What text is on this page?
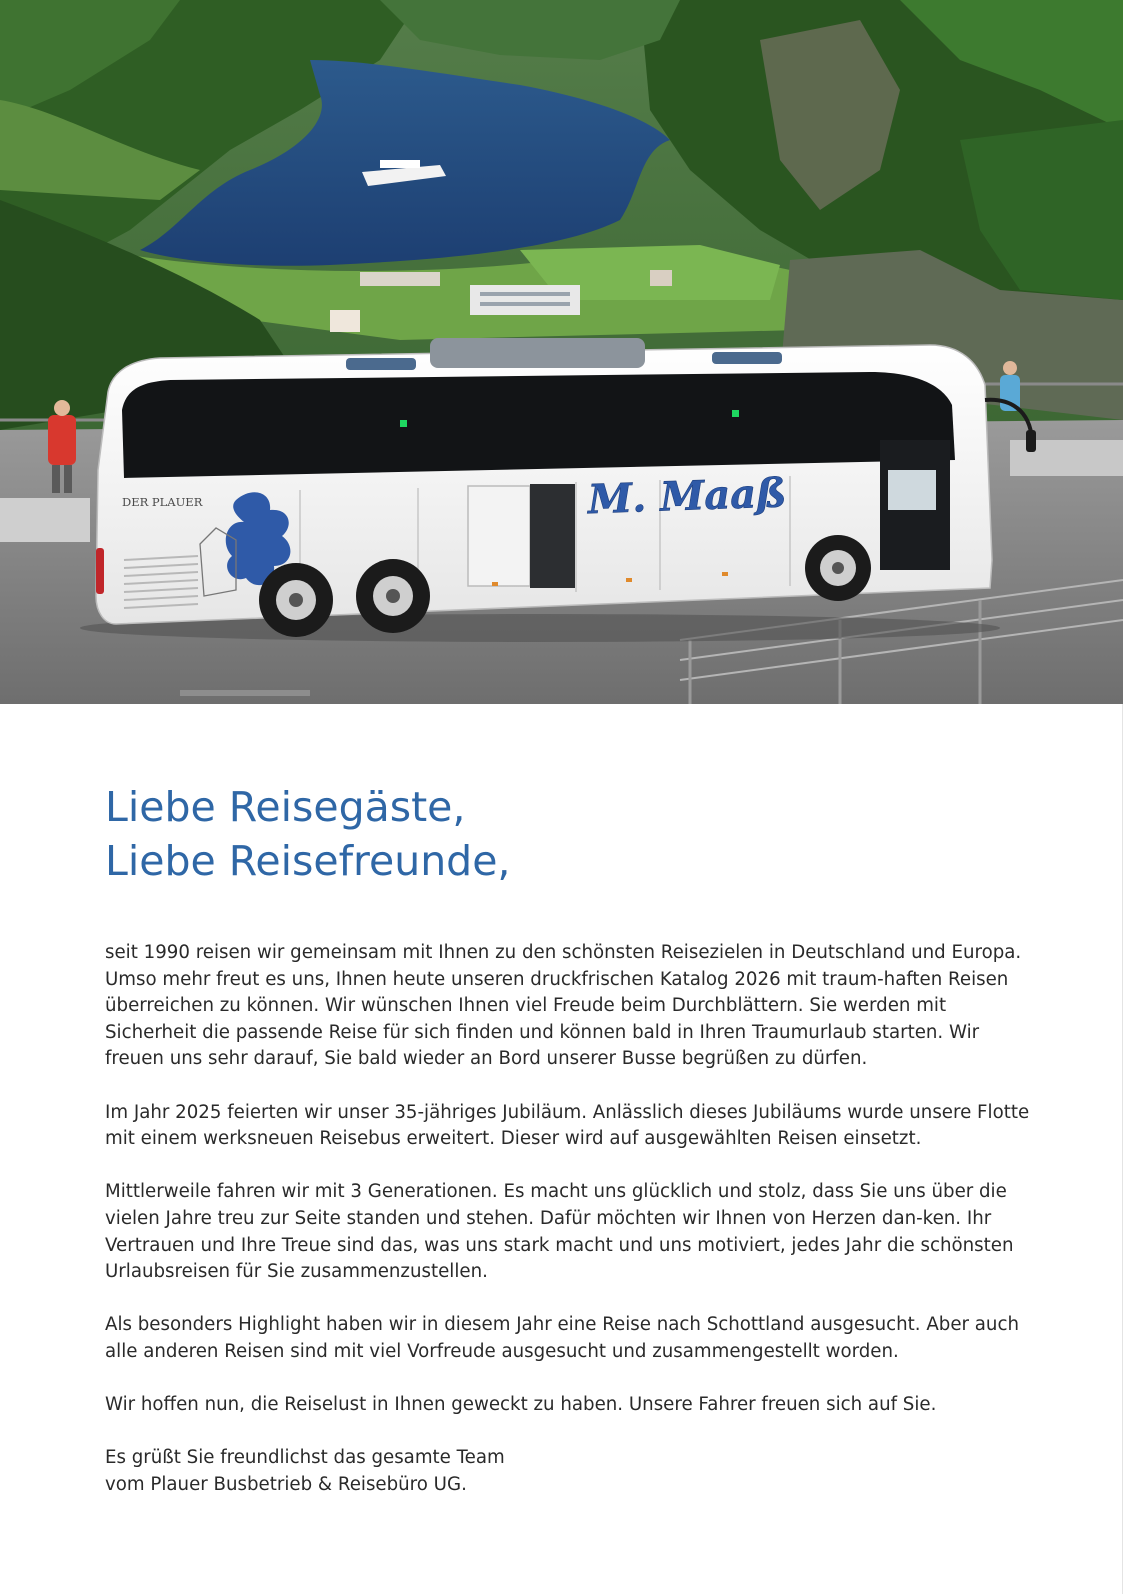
DER PLAUER	M. Maaß
Liebe Reisegäste,
Liebe Reisefreunde,

seit 1990 reisen wir gemeinsam mit Ihnen zu den schönsten Reisezielen in Deutschland und Europa. Umso mehr freut es uns, Ihnen heute unseren druckfrischen Katalog 2026 mit traum-haften Reisen überreichen zu können. Wir wünschen Ihnen viel Freude beim Durchblättern. Sie werden mit Sicherheit die passende Reise für sich finden und können bald in Ihren Traumurlaub starten. Wir freuen uns sehr darauf, Sie bald wieder an Bord unserer Busse begrüßen zu dürfen.

Im Jahr 2025 feierten wir unser 35-jähriges Jubiläum. Anlässlich dieses Jubiläums wurde unsere Flotte mit einem werksneuen Reisebus erweitert. Dieser wird auf ausgewählten Reisen einsetzt.

Mittlerweile fahren wir mit 3 Generationen. Es macht uns glücklich und stolz, dass Sie uns über die vielen Jahre treu zur Seite standen und stehen. Dafür möchten wir Ihnen von Herzen dan-ken. Ihr Vertrauen und Ihre Treue sind das, was uns stark macht und uns motiviert, jedes Jahr die schönsten Urlaubsreisen für Sie zusammenzustellen.

Als besonders Highlight haben wir in diesem Jahr eine Reise nach Schottland ausgesucht. Aber auch alle anderen Reisen sind mit viel Vorfreude ausgesucht und zusammengestellt worden.

Wir hoffen nun, die Reiselust in Ihnen geweckt zu haben. Unsere Fahrer freuen sich auf Sie.

Es grüßt Sie freundlichst das gesamte Team
vom Plauer Busbetrieb & Reisebüro UG.
